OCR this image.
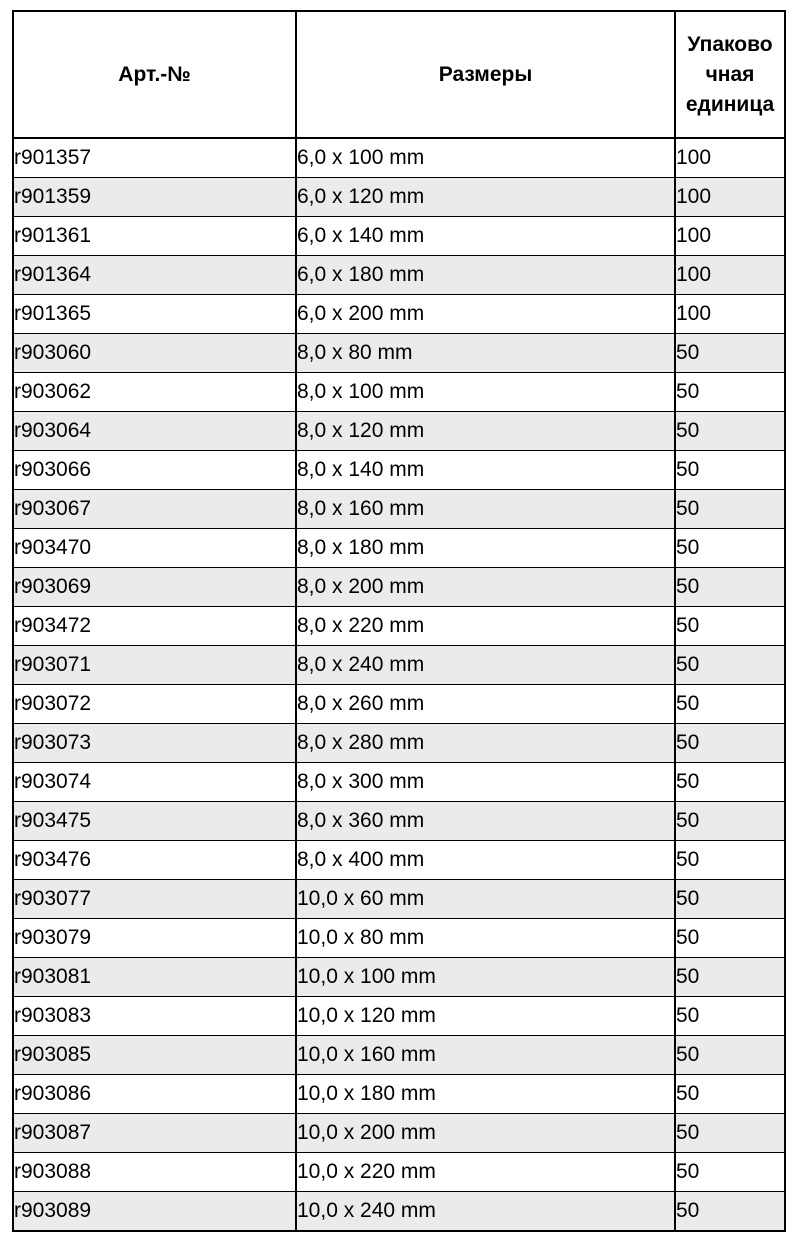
Арт.-№	Размеры	Упаково
чная
единица
r901357	6,0 x 100 mm	100
r901359	6,0 x 120 mm	100
r901361	6,0 x 140 mm	100
r901364	6,0 x 180 mm	100
r901365	6,0 x 200 mm	100
r903060	8,0 x 80 mm	50
r903062	8,0 x 100 mm	50
r903064	8,0 x 120 mm	50
r903066	8,0 x 140 mm	50
r903067	8,0 x 160 mm	50
r903470	8,0 x 180 mm	50
r903069	8,0 x 200 mm	50
r903472	8,0 x 220 mm	50
r903071	8,0 x 240 mm	50
r903072	8,0 x 260 mm	50
r903073	8,0 x 280 mm	50
r903074	8,0 x 300 mm	50
r903475	8,0 x 360 mm	50
r903476	8,0 x 400 mm	50
r903077	10,0 x 60 mm	50
r903079	10,0 x 80 mm	50
r903081	10,0 x 100 mm	50
r903083	10,0 x 120 mm	50
r903085	10,0 x 160 mm	50
r903086	10,0 x 180 mm	50
r903087	10,0 x 200 mm	50
r903088	10,0 x 220 mm	50
r903089	10,0 x 240 mm	50
